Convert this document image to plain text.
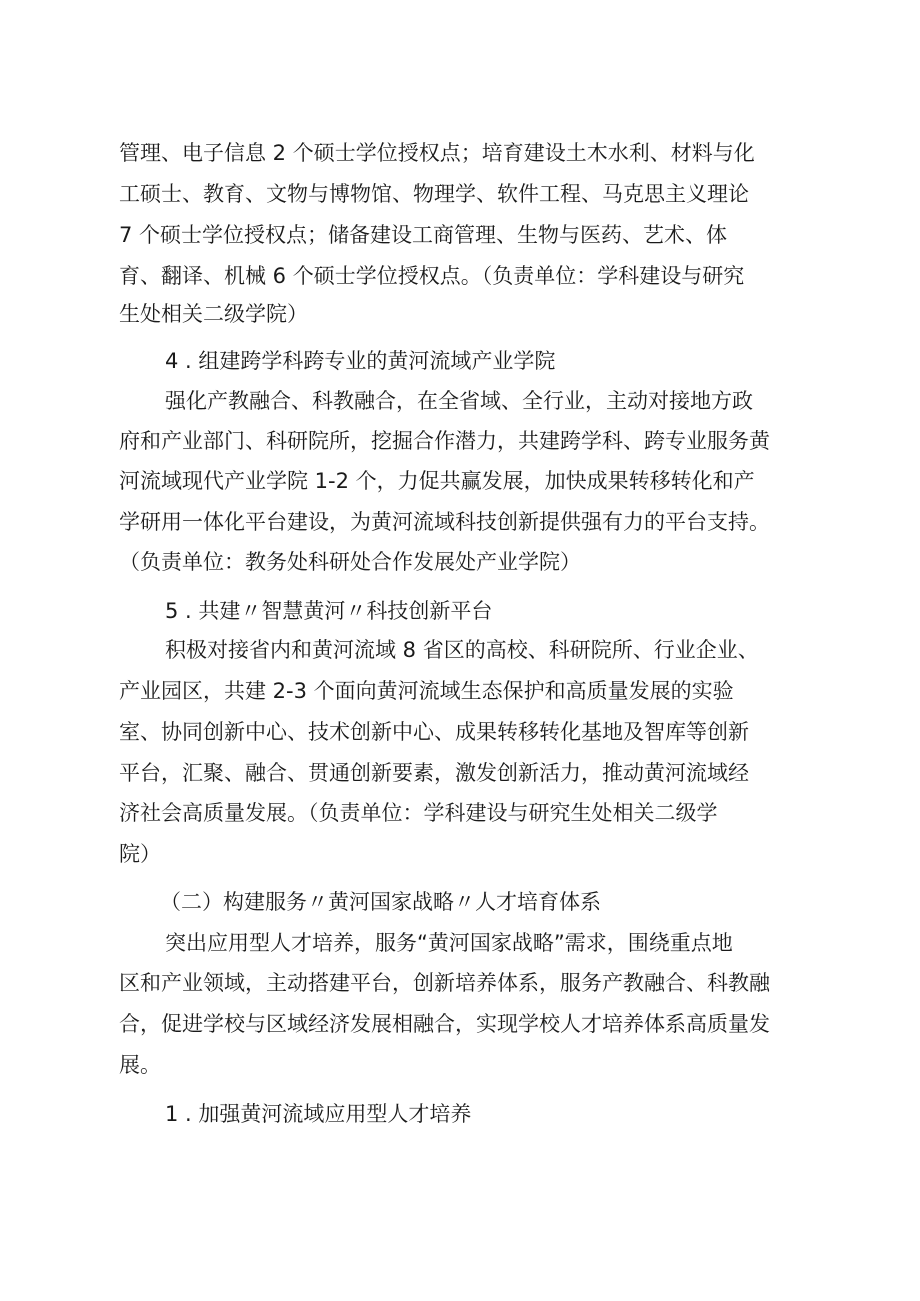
管理、电子信息 2 个硕士学位授权点；培育建设土木水利、材料与化
工硕士、教育、文物与博物馆、物理学、软件工程、马克思主义理论
7 个硕士学位授权点；储备建设工商管理、生物与医药、艺术、体
育、翻译、机械 6 个硕士学位授权点。（负责单位：学科建设与研究
生处相关二级学院）
4 . 组建跨学科跨专业的黄河流域产业学院
强化产教融合、科教融合，在全省域、全行业，主动对接地方政
府和产业部门、科研院所，挖掘合作潜力，共建跨学科、跨专业服务黄
河流域现代产业学院 1-2 个，力促共赢发展，加快成果转移转化和产
学研用一体化平台建设，为黄河流域科技创新提供强有力的平台支持。
（负责单位：教务处科研处合作发展处产业学院）
5 . 共建〃智慧黄河〃科技创新平台
积极对接省内和黄河流域 8 省区的高校、科研院所、行业企业、
产业园区，共建 2-3 个面向黄河流域生态保护和高质量发展的实验
室、协同创新中心、技术创新中心、成果转移转化基地及智库等创新
平台，汇聚、融合、贯通创新要素，激发创新活力，推动黄河流域经
济社会高质量发展。（负责单位：学科建设与研究生处相关二级学
院）
（二）构建服务〃黄河国家战略〃人才培育体系
突出应用型人才培养，服务“黄河国家战略”需求，围绕重点地
区和产业领域，主动搭建平台，创新培养体系，服务产教融合、科教融
合，促进学校与区域经济发展相融合，实现学校人才培养体系高质量发
展。
1 . 加强黄河流域应用型人才培养
